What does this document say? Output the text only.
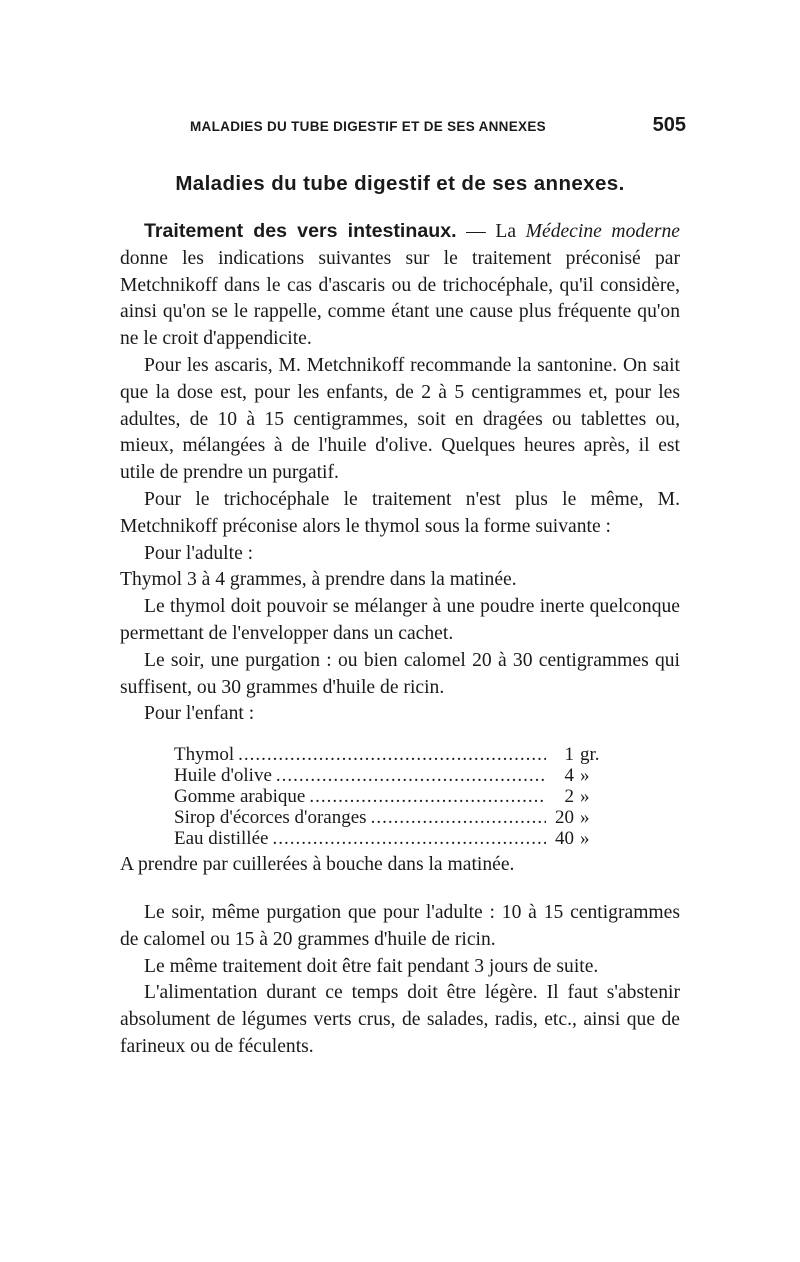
MALADIES DU TUBE DIGESTIF ET DE SES ANNEXES	505
Maladies du tube digestif et de ses annexes.

Traitement des vers intestinaux. — La Médecine moderne donne les indications suivantes sur le traitement préconisé par Metchnikoff dans le cas d'ascaris ou de trichocéphale, qu'il considère, ainsi qu'on se le rappelle, comme étant une cause plus fréquente qu'on ne le croit d'appendicite.

Pour les ascaris, M. Metchnikoff recommande la santonine. On sait que la dose est, pour les enfants, de 2 à 5 centigrammes et, pour les adultes, de 10 à 15 centigrammes, soit en dragées ou tablettes ou, mieux, mélangées à de l'huile d'olive. Quelques heures après, il est utile de prendre un purgatif.

Pour le trichocéphale le traitement n'est plus le même, M. Metchnikoff préconise alors le thymol sous la forme suivante :

Pour l'adulte :

Thymol 3 à 4 grammes, à prendre dans la matinée.

Le thymol doit pouvoir se mélanger à une poudre inerte quelconque permettant de l'envelopper dans un cachet.

Le soir, une purgation : ou bien calomel 20 à 30 centigrammes qui suffisent, ou 30 grammes d'huile de ricin.

Pour l'enfant :

Thymol .....	1 gr.
Huile d'olive .....	4 »
Gomme arabique .....	2 »
Sirop d'écorces d'oranges .....	20 »
Eau distillée .....	40 »

A prendre par cuillerées à bouche dans la matinée.

Le soir, même purgation que pour l'adulte : 10 à 15 centigrammes de calomel ou 15 à 20 grammes d'huile de ricin.

Le même traitement doit être fait pendant 3 jours de suite.

L'alimentation durant ce temps doit être légère. Il faut s'abstenir absolument de légumes verts crus, de salades, radis, etc., ainsi que de farineux ou de féculents.
